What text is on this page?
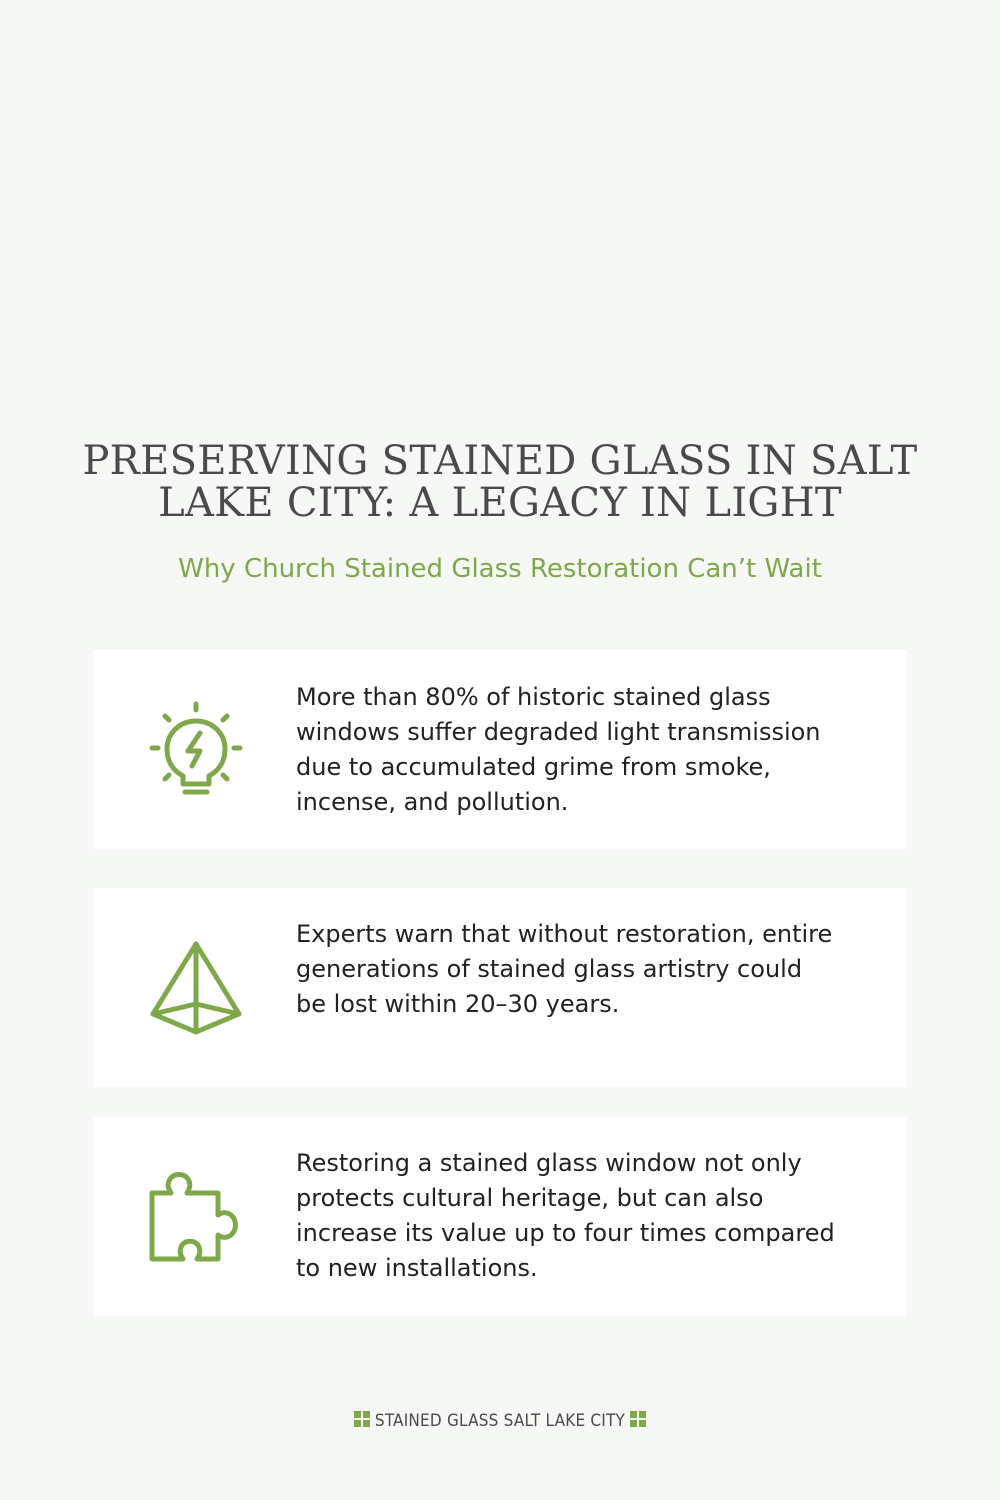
PRESERVING STAINED GLASS IN SALT LAKE CITY: A LEGACY IN LIGHT

Why Church Stained Glass Restoration Can’t Wait

More than 80% of historic stained glass windows suffer degraded light transmission due to accumulated grime from smoke, incense, and pollution.

Experts warn that without restoration, entire generations of stained glass artistry could be lost within 20–30 years.

Restoring a stained glass window not only protects cultural heritage, but can also increase its value up to four times compared to new installations.

STAINED GLASS SALT LAKE CITY
